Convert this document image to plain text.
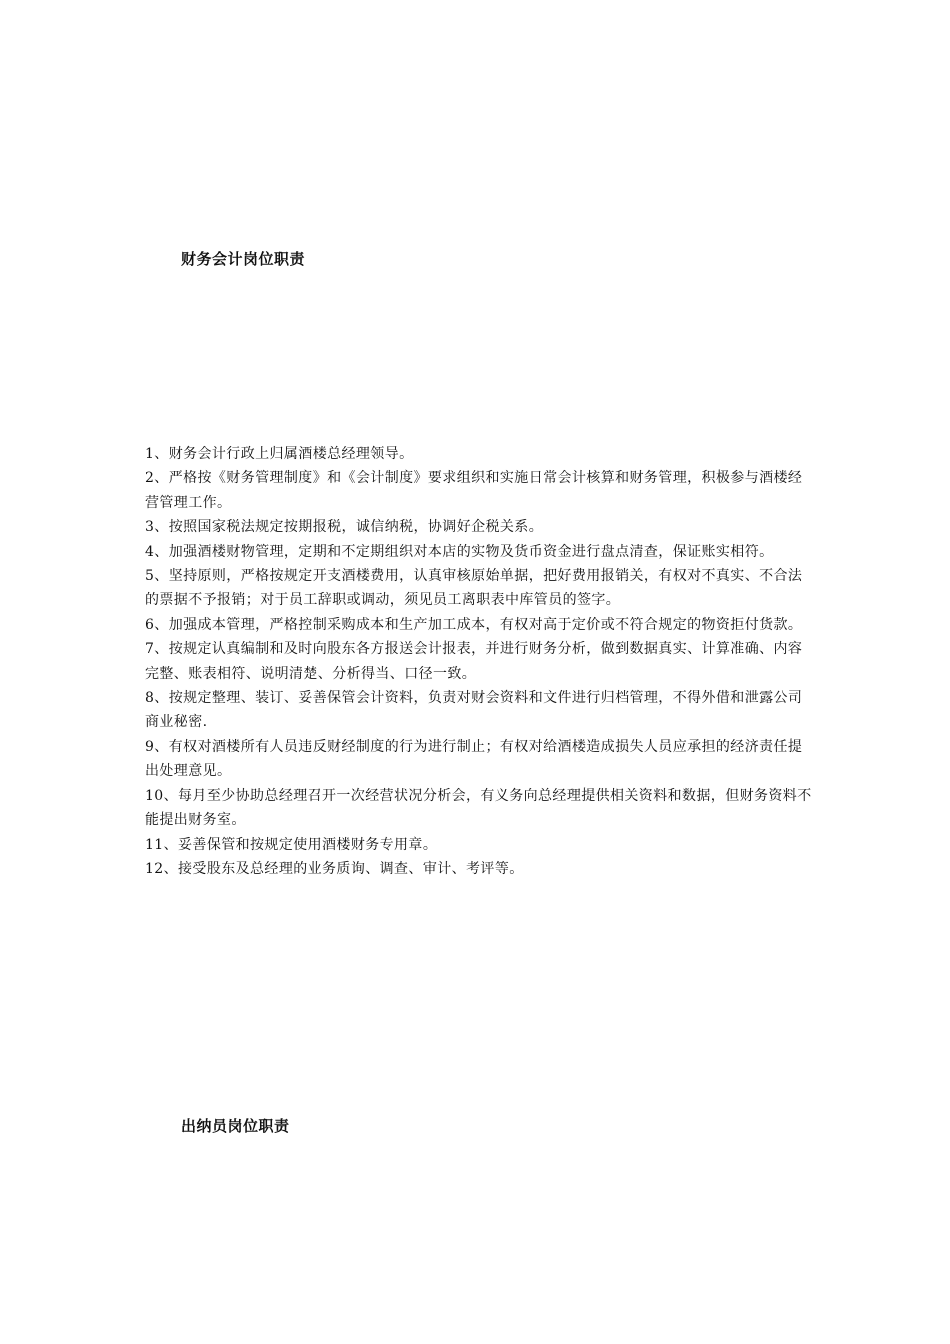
财务会计岗位职责
1、财务会计行政上归属酒楼总经理领导。
2、严格按《财务管理制度》和《会计制度》要求组织和实施日常会计核算和财务管理，积极参与酒楼经营管理工作。
3、按照国家税法规定按期报税，诚信纳税，协调好企税关系。
4、加强酒楼财物管理，定期和不定期组织对本店的实物及货币资金进行盘点清查，保证账实相符。
5、坚持原则，严格按规定开支酒楼费用，认真审核原始单据，把好费用报销关，有权对不真实、不合法的票据不予报销；对于员工辞职或调动，须见员工离职表中库管员的签字。
6、加强成本管理，严格控制采购成本和生产加工成本，有权对高于定价或不符合规定的物资拒付货款。
7、按规定认真编制和及时向股东各方报送会计报表，并进行财务分析，做到数据真实、计算准确、内容完整、账表相符、说明清楚、分析得当、口径一致。
8、按规定整理、装订、妥善保管会计资料，负责对财会资料和文件进行归档管理，不得外借和泄露公司商业秘密.
9、有权对酒楼所有人员违反财经制度的行为进行制止；有权对给酒楼造成损失人员应承担的经济责任提出处理意见。
10、每月至少协助总经理召开一次经营状况分析会，有义务向总经理提供相关资料和数据，但财务资料不能提出财务室。
11、妥善保管和按规定使用酒楼财务专用章。
12、接受股东及总经理的业务质询、调查、审计、考评等。
出纳员岗位职责
